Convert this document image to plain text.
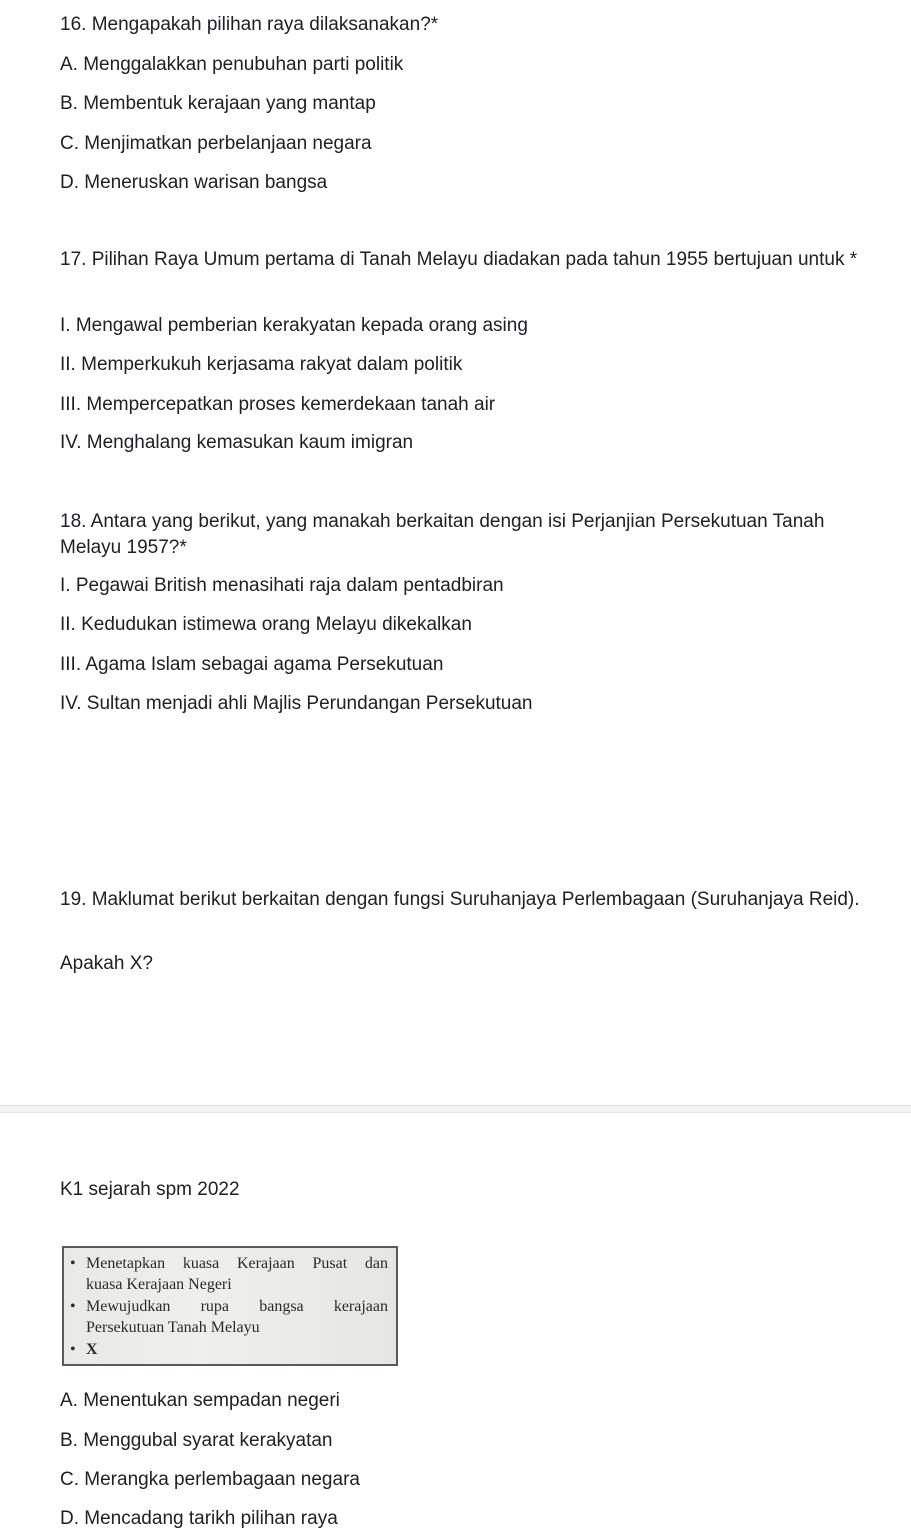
16. Mengapakah pilihan raya dilaksanakan?*
A. Menggalakkan penubuhan parti politik
B. Membentuk kerajaan yang mantap
C. Menjimatkan perbelanjaan negara
D. Meneruskan warisan bangsa
17. Pilihan Raya Umum pertama di Tanah Melayu diadakan pada tahun 1955 bertujuan untuk *
I. Mengawal pemberian kerakyatan kepada orang asing
II. Memperkukuh kerjasama rakyat dalam politik
III. Mempercepatkan proses kemerdekaan tanah air
IV. Menghalang kemasukan kaum imigran
18. Antara yang berikut, yang manakah berkaitan dengan isi Perjanjian Persekutuan Tanah Melayu 1957?*
I. Pegawai British menasihati raja dalam pentadbiran
II. Kedudukan istimewa orang Melayu dikekalkan
III. Agama Islam sebagai agama Persekutuan
IV. Sultan menjadi ahli Majlis Perundangan Persekutuan
19. Maklumat berikut berkaitan dengan fungsi Suruhanjaya Perlembagaan (Suruhanjaya Reid).
Apakah X?
K1 sejarah spm 2022
• Menetapkan kuasa Kerajaan Pusat dan
kuasa Kerajaan Negeri
• Mewujudkan rupa bangsa kerajaan
Persekutuan Tanah Melayu
• X
A. Menentukan sempadan negeri
B. Menggubal syarat kerakyatan
C. Merangka perlembagaan negara
D. Mencadang tarikh pilihan raya
